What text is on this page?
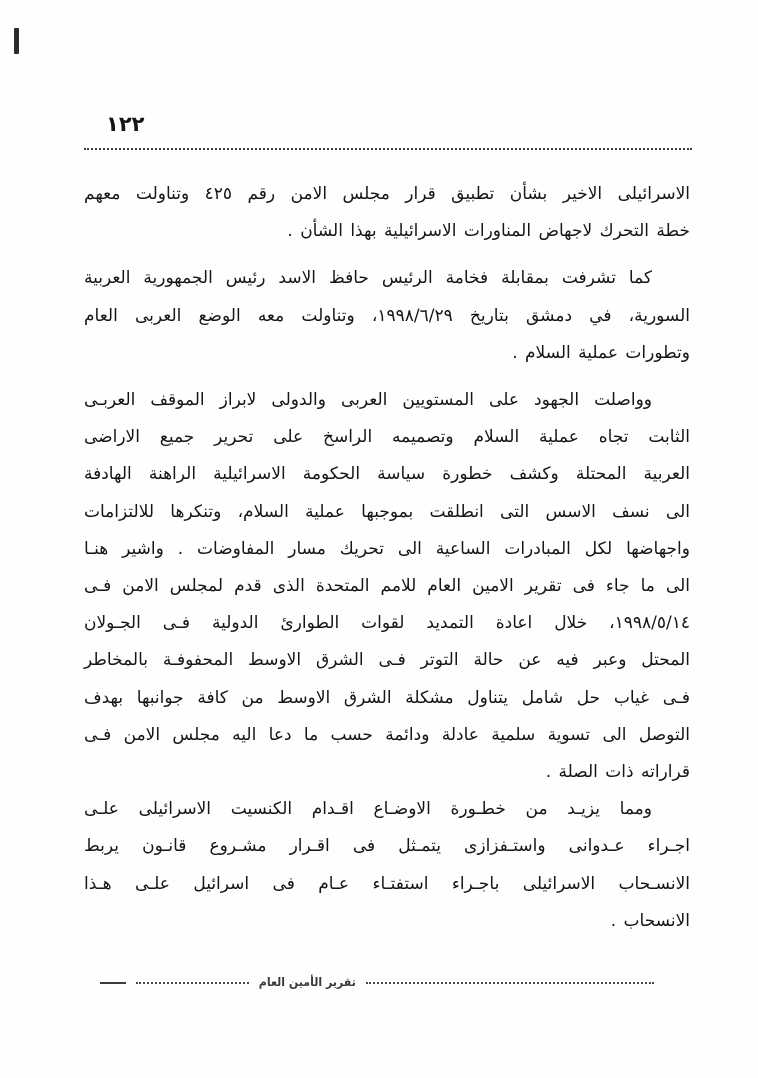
١٢٢
الاسرائيلى الاخير بشأن تطبيق قرار مجلس الامن رقم ٤٢٥ وتناولت معهم
خطة التحرك لاجهاض المناورات الاسرائيلية بهذا الشأن .
كما تشرفت بمقابلة فخامة الرئيس حافظ الاسد رئيس الجمهورية العربية
السورية، في دمشق بتاريخ ١٩٩٨/٦/٢٩، وتناولت معه الوضع العربى العام
وتطورات عملية السلام .
وواصلت الجهود على المستويين العربى والدولى لابراز الموقف العربـى
الثابت تجاه عملية السلام وتصميمه الراسخ على تحرير جميع الاراضى
العربية المحتلة وكشف خطورة سياسة الحكومة الاسرائيلية الراهنة الهادفة
الى نسف الاسس التى انطلقت بموجبها عملية السلام، وتنكرها للالتزامات
واجهاضها لكل المبادرات الساعية الى تحريك مسار المفاوضات . واشير هنـا
الى ما جاء فى تقرير الامين العام للامم المتحدة الذى قدم لمجلس الامن فـى
١٩٩٨/٥/١٤، خلال اعادة التمديد لقوات الطوارئ الدولية فـى الجـولان
المحتل وعبر فيه عن حالة التوتر فـى الشرق الاوسط المحفوفـة بالمخاطر
فـى غياب حل شامل يتناول مشكلة الشرق الاوسط من كافة جوانبها بهدف
التوصل الى تسوية سلمية عادلة ودائمة حسب ما دعا اليه مجلس الامن فـى
قراراته ذات الصلة .
ومما يزيـد من خطـورة الاوضـاع اقـدام الكنسيت الاسرائيلى علـى
اجـراء عـدوانى واستـفزازى يتمـثل فى اقـرار مشـروع قانـون يربط
الانسـحاب الاسرائيلى باجـراء استفتـاء عـام فى اسرائيل علـى هـذا
الانسحاب .
تقرير الأمين العام
